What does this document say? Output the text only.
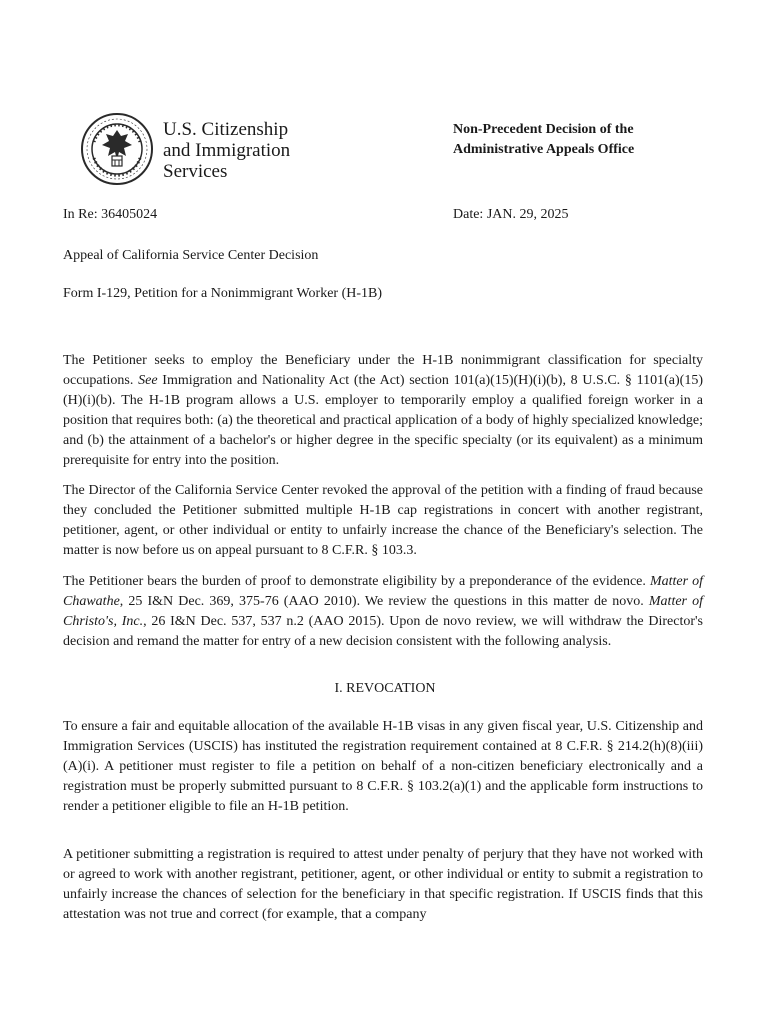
U.S. Citizenship
and Immigration
Services
Non-Precedent Decision of the
Administrative Appeals Office
In Re: 36405024	Date: JAN. 29, 2025
Appeal of California Service Center Decision
Form I-129, Petition for a Nonimmigrant Worker (H-1B)

The Petitioner seeks to employ the Beneficiary under the H-1B nonimmigrant classification for specialty occupations. See Immigration and Nationality Act (the Act) section 101(a)(15)(H)(i)(b), 8 U.S.C. § 1101(a)(15)(H)(i)(b). The H-1B program allows a U.S. employer to temporarily employ a qualified foreign worker in a position that requires both: (a) the theoretical and practical application of a body of highly specialized knowledge; and (b) the attainment of a bachelor's or higher degree in the specific specialty (or its equivalent) as a minimum prerequisite for entry into the position.

The Director of the California Service Center revoked the approval of the petition with a finding of fraud because they concluded the Petitioner submitted multiple H-1B cap registrations in concert with another registrant, petitioner, agent, or other individual or entity to unfairly increase the chance of the Beneficiary's selection. The matter is now before us on appeal pursuant to 8 C.F.R. § 103.3.

The Petitioner bears the burden of proof to demonstrate eligibility by a preponderance of the evidence. Matter of Chawathe, 25 I&N Dec. 369, 375-76 (AAO 2010). We review the questions in this matter de novo. Matter of Christo's, Inc., 26 I&N Dec. 537, 537 n.2 (AAO 2015). Upon de novo review, we will withdraw the Director's decision and remand the matter for entry of a new decision consistent with the following analysis.

I. REVOCATION

To ensure a fair and equitable allocation of the available H-1B visas in any given fiscal year, U.S. Citizenship and Immigration Services (USCIS) has instituted the registration requirement contained at 8 C.F.R. § 214.2(h)(8)(iii)(A)(i). A petitioner must register to file a petition on behalf of a non-citizen beneficiary electronically and a registration must be properly submitted pursuant to 8 C.F.R. § 103.2(a)(1) and the applicable form instructions to render a petitioner eligible to file an H-1B petition.

A petitioner submitting a registration is required to attest under penalty of perjury that they have not worked with or agreed to work with another registrant, petitioner, agent, or other individual or entity to submit a registration to unfairly increase the chances of selection for the beneficiary in that specific registration. If USCIS finds that this attestation was not true and correct (for example, that a company
